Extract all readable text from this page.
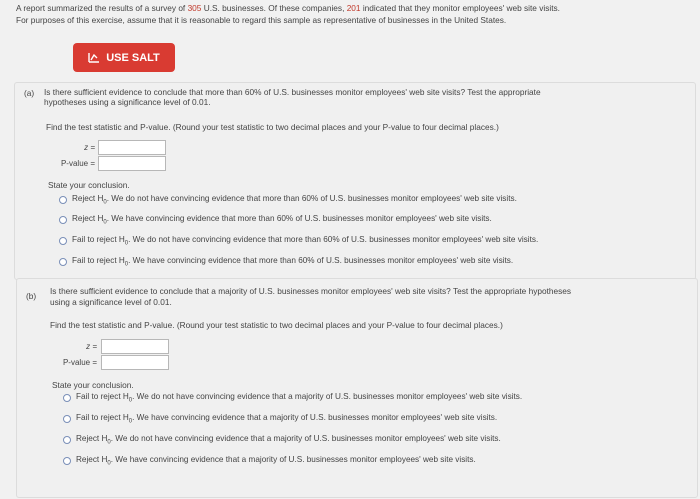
A report summarized the results of a survey of 305 U.S. businesses. Of these companies, 201 indicated that they monitor employees' web site visits.
For purposes of this exercise, assume that it is reasonable to regard this sample as representative of businesses in the United States.
USE SALT
(a) Is there sufficient evidence to conclude that more than 60% of U.S. businesses monitor employees' web site visits? Test the appropriate
hypotheses using a significance level of 0.01.
Find the test statistic and P-value. (Round your test statistic to two decimal places and your P-value to four decimal places.)
z =
P-value =
State your conclusion.
Reject $H_0$. We do not have convincing evidence that more than 60% of U.S. businesses monitor employees' web site visits.
Reject $H_0$. We have convincing evidence that more than 60% of U.S. businesses monitor employees' web site visits.
Fail to reject $H_0$. We do not have convincing evidence that more than 60% of U.S. businesses monitor employees' web site visits.
Fail to reject $H_0$. We have convincing evidence that more than 60% of U.S. businesses monitor employees' web site visits.
(b) Is there sufficient evidence to conclude that a majority of U.S. businesses monitor employees' web site visits? Test the appropriate hypotheses
using a significance level of 0.01.
Find the test statistic and P-value. (Round your test statistic to two decimal places and your P-value to four decimal places.)
z =
P-value =
State your conclusion.
Fail to reject $H_0$. We do not have convincing evidence that a majority of U.S. businesses monitor employees' web site visits.
Fail to reject $H_0$. We have convincing evidence that a majority of U.S. businesses monitor employees' web site visits.
Reject $H_0$. We do not have convincing evidence that a majority of U.S. businesses monitor employees' web site visits.
Reject $H_0$. We have convincing evidence that a majority of U.S. businesses monitor employees' web site visits.
